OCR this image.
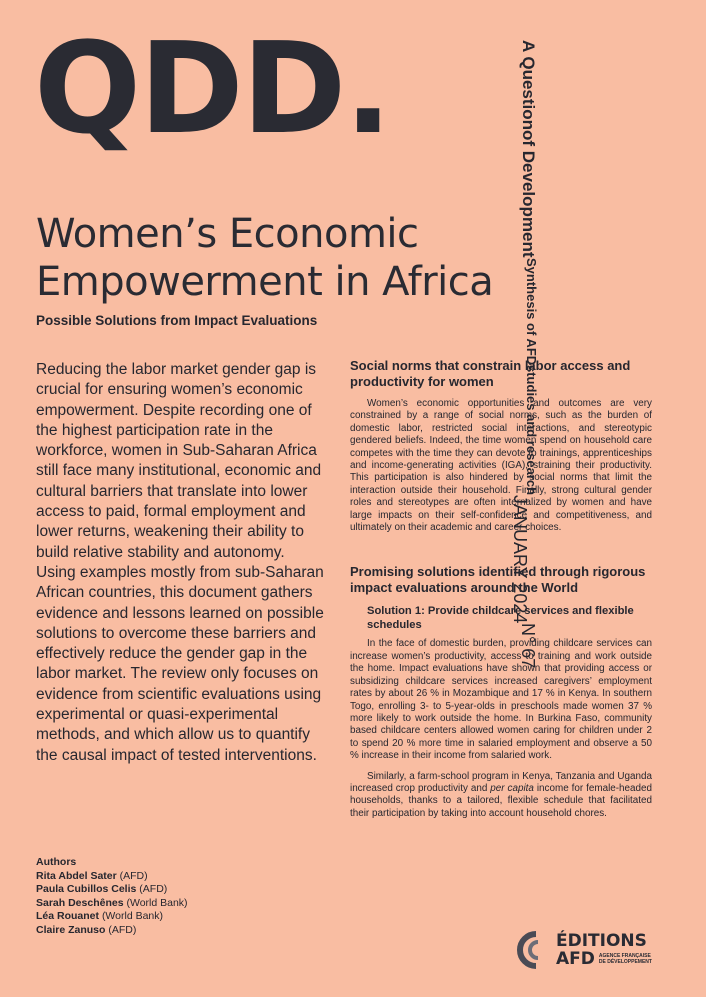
QDD.	A Question
of Development
Synthesis of AFD
studies and research
JANUARY 2024
N° 67
Women’s Economic
Empowerment in Africa

Possible Solutions from Impact Evaluations

Reducing the labor market gender gap is crucial for ensuring women’s economic empowerment. Despite recording one of the highest participation rate in the workforce, women in Sub-Saharan Africa still face many institutional, economic and cultural barriers that translate into lower access to paid, formal employment and lower returns, weakening their ability to build relative stability and autonomy. Using examples mostly from sub-Saharan African countries, this document gathers evidence and lessons learned on possible solutions to overcome these barriers and effectively reduce the gender gap in the labor market. The review only focuses on evidence from scientific evaluations using experimental or quasi-experimental methods, and which allow us to quantify the causal impact of tested interventions.

Authors
Rita Abdel Sater (AFD)
Paula Cubillos Celis (AFD)
Sarah Deschênes (World Bank)
Léa Rouanet (World Bank)
Claire Zanuso (AFD)
Social norms that constrain labor access and productivity for women

Women’s economic opportunities and outcomes are very constrained by a range of social norms, such as the burden of domestic labor, restricted social interactions, and stereotypic gendered beliefs. Indeed, the time women spend on household care competes with the time they can devote to trainings, apprenticeships and income-generating activities (IGA), straining their productivity. This participation is also hindered by social norms that limit the interaction outside their household. Finally, strong cultural gender roles and stereotypes are often internalized by women and have large impacts on their self-confidence and competitiveness, and ultimately on their academic and career choices.

Promising solutions identified through rigorous impact evaluations around the World
Solution 1: Provide childcare services and flexible schedules

In the face of domestic burden, providing childcare services can increase women’s productivity, access to training and work outside the home. Impact evaluations have shown that providing access or subsidizing childcare services increased caregivers’ employment rates by about 26 % in Mozambique and 17 % in Kenya. In southern Togo, enrolling 3- to 5-year-olds in preschools made women 37 % more likely to work outside the home. In Burkina Faso, community based childcare centers allowed women caring for children under 2 to spend 20 % more time in salaried employment and observe a 50 % increase in their income from salaried work.

Similarly, a farm-school program in Kenya, Tanzania and Uganda increased crop productivity and per capita income for female-headed households, thanks to a tailored, flexible schedule that facilitated their participation by taking into account household chores.

ÉDITIONS
AFD AGENCE FRANÇAISE
DE DÉVELOPPEMENT
